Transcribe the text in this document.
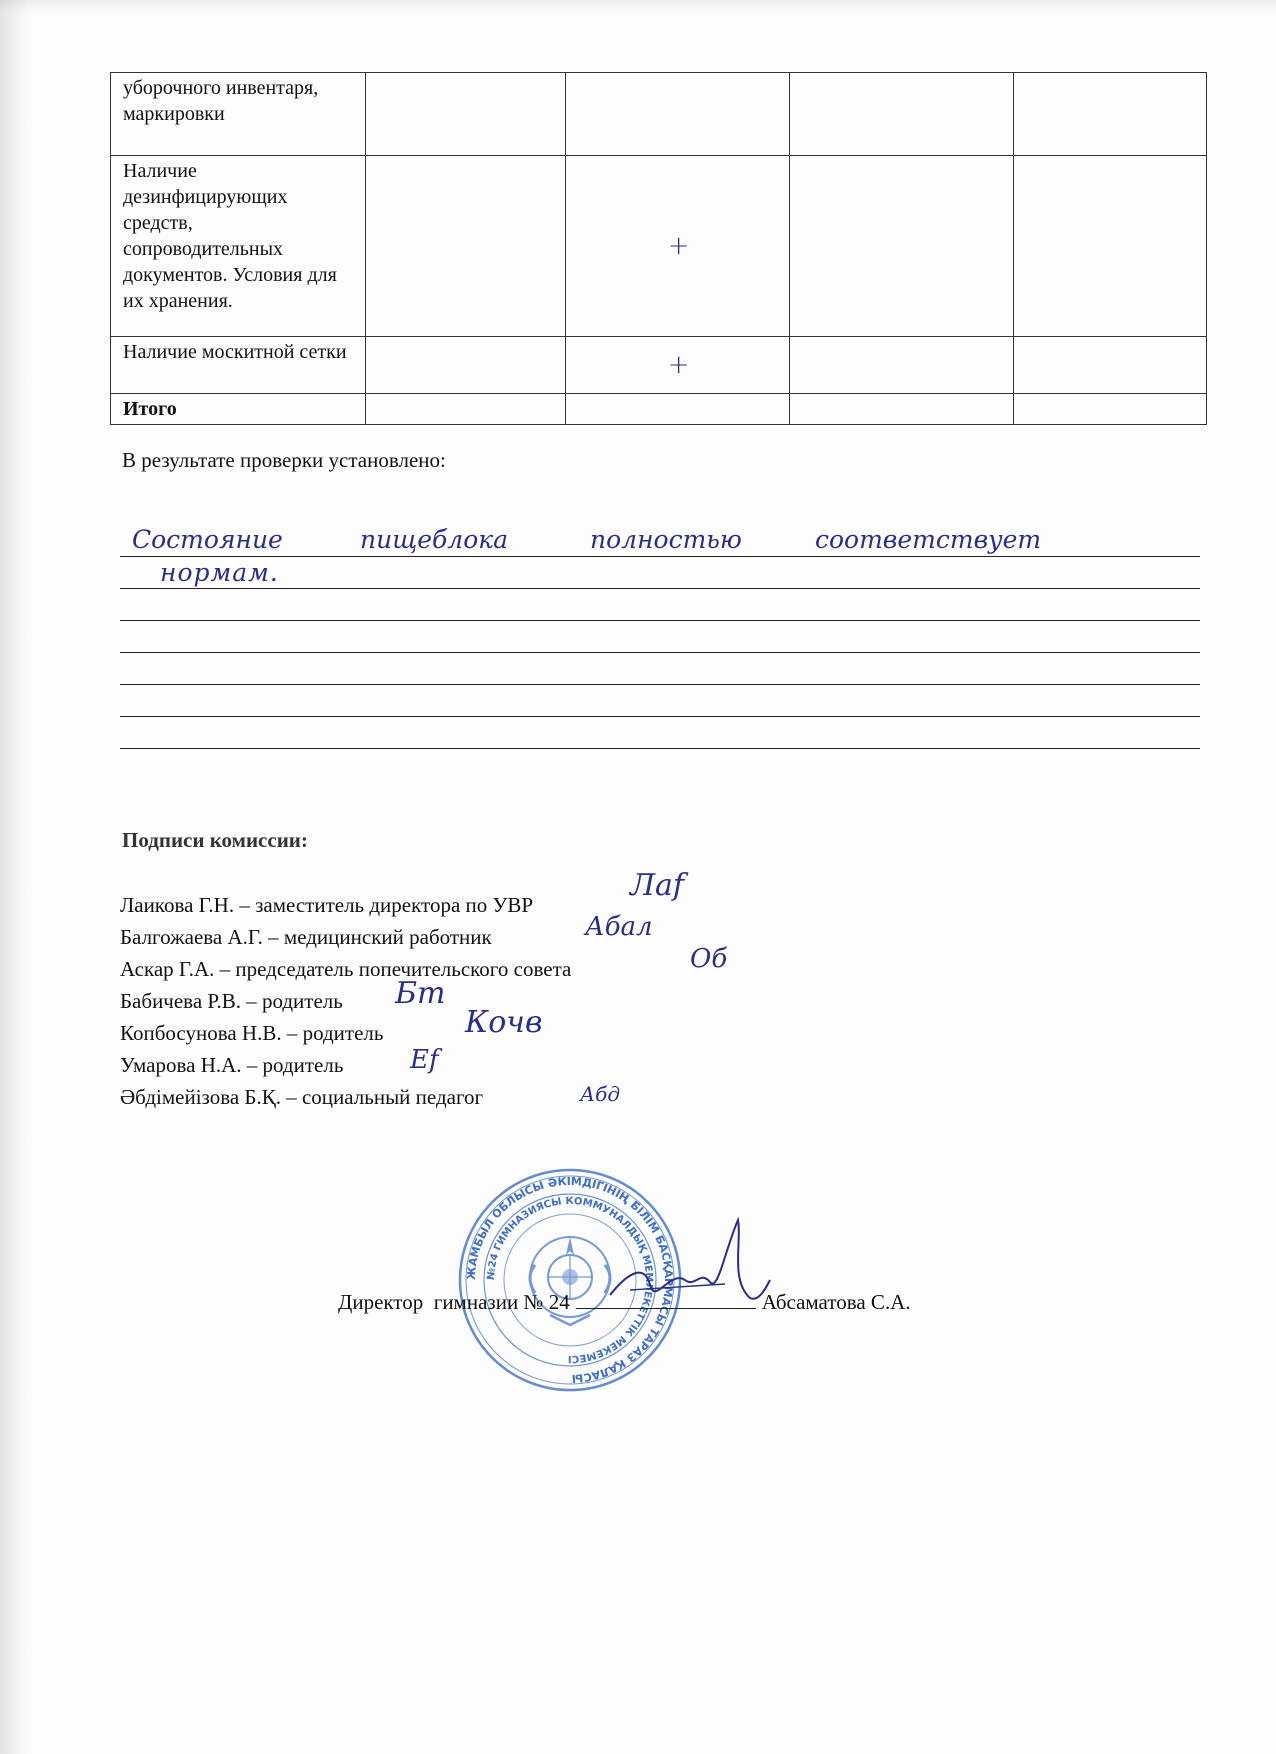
уборочного инвентаря, маркировки				
Наличие дезинфицирующих средств, сопроводительных документов. Условия для их хранения.		+		
Наличие москитной сетки		+		
Итого				
В результате проверки установлено:
Состояние	пищеблока	полностью	соответствует
нормам.
Подписи комиссии:
Лаикова Г.Н. – заместитель директора по УВР
Балгожаева А.Г. – медицинский работник
Аскар Г.А. – председатель попечительского совета
Бабичева Р.В. – родитель
Копбосунова Н.В. – родитель
Умарова Н.А. – родитель
Әбдімейізова Б.Қ. – социальный педагог
Лаf
Абал
Об
Бт
Кочв
Ef
Абд
ЖАМБЫЛ ОБЛЫСЫ ӘКІМДІГІНІҢ БІЛІМ БАСҚАРМАСЫ ТАРАЗ ҚАЛАСЫ
№24 ГИМНАЗИЯСЫ КОММУНАЛДЫҚ МЕМЛЕКЕТТІК МЕКЕМЕСІ
Директор  гимназии № 24	Абсаматова С.А.
